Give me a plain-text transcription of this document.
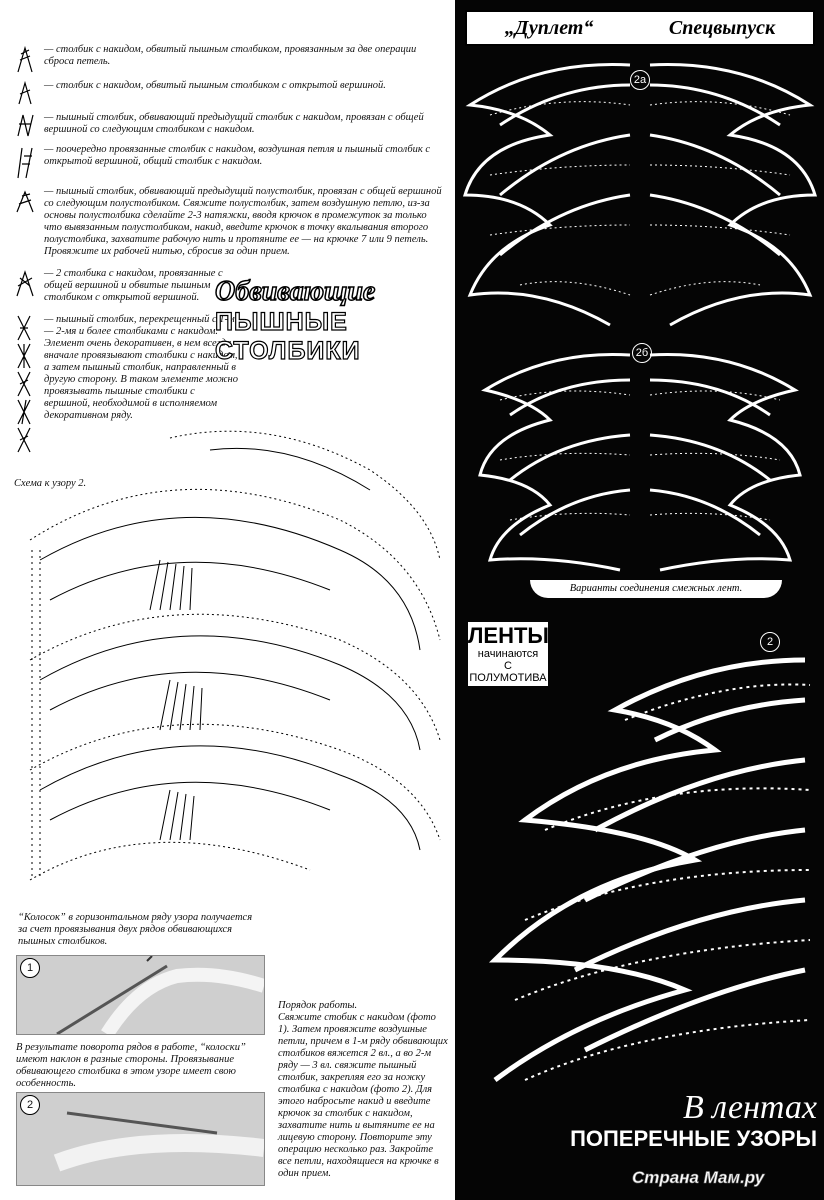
— столбик с накидом, обвитый пышным столбиком, провязанным за две операции сброса петель.
— столбик с накидом, обвитый пышным столбиком с открытой вершиной.
— пышный столбик, обвивающий предыдущий столбик с накидом, провязан с общей вершиной со следующим столбиком с накидом.
— поочередно провязанные столбик с накидом, воздушная петля и пышный столбик с открытой вершиной, общий столбик с накидом.
— пышный столбик, обвивающий предыдущий полустолбик, провязан с общей вершиной со следующим полустолбиком. Свяжите полустолбик, затем воздушную петлю, из-за основы полустолбика сделайте 2-3 натяжки, вводя крючок в промежуток за только что вывязанным полустолбиком, накид, введите крючок в точку вкалывания второго полустолбика, захватите рабочую нить и протяните ее — на крючке 7 или 9 петель. Провяжите их рабочей нитью, сбросив за один прием.
— 2 столбика с накидом, провязанные с общей вершиной и обвитые пышным столбиком с открытой вершиной.
— пышный столбик, перекрещенный с 1-м — 2-мя и более столбиками с накидом. Элемент очень декоративен, в нем всегда вначале провязывают столбики с накидом, а затем пышный столбик, направленный в другую сторону. В таком элементе можно провязывать пышные столбики с вершиной, необходимой в исполняемом декоративном ряду.
Обвивающие
ПЫШНЫЕ СТОЛБИКИ
Схема к узору 2.
“Колосок” в горизонтальном ряду узора получается за счет провязывания двух рядов обвивающихся пышных столбиков.
1
В результате поворота рядов в работе, “колоски” имеют наклон в разные стороны. Провязывание обвивающего столбика в этом узоре имеет свою особенность.
2
Порядок работы.
Свяжите стобик с накидом (фото 1). Затем провяжите воздушные петли, причем в 1-м ряду обвивающих столбиков вяжется 2 вл., а во 2-м ряду — 3 вл. свяжите пышный столбик, закрепляя его за ножку столбика с накидом (фото 2). Для этого набросьте накид и введите крючок за столбик с накидом, захватите нить и вытяните ее на лицевую сторону. Повторите эту операцию несколько раз. Закройте все петли, находящиеся на крючке в один прием.
„Дуплет“	Спецвыпуск
2а
2б
Варианты соединения смежных лент.
ЛЕНТЫ
начинаются
С ПОЛУМОТИВА
2
В лентах
ПОПЕРЕЧНЫЕ УЗОРЫ
Страна Мам.ру
